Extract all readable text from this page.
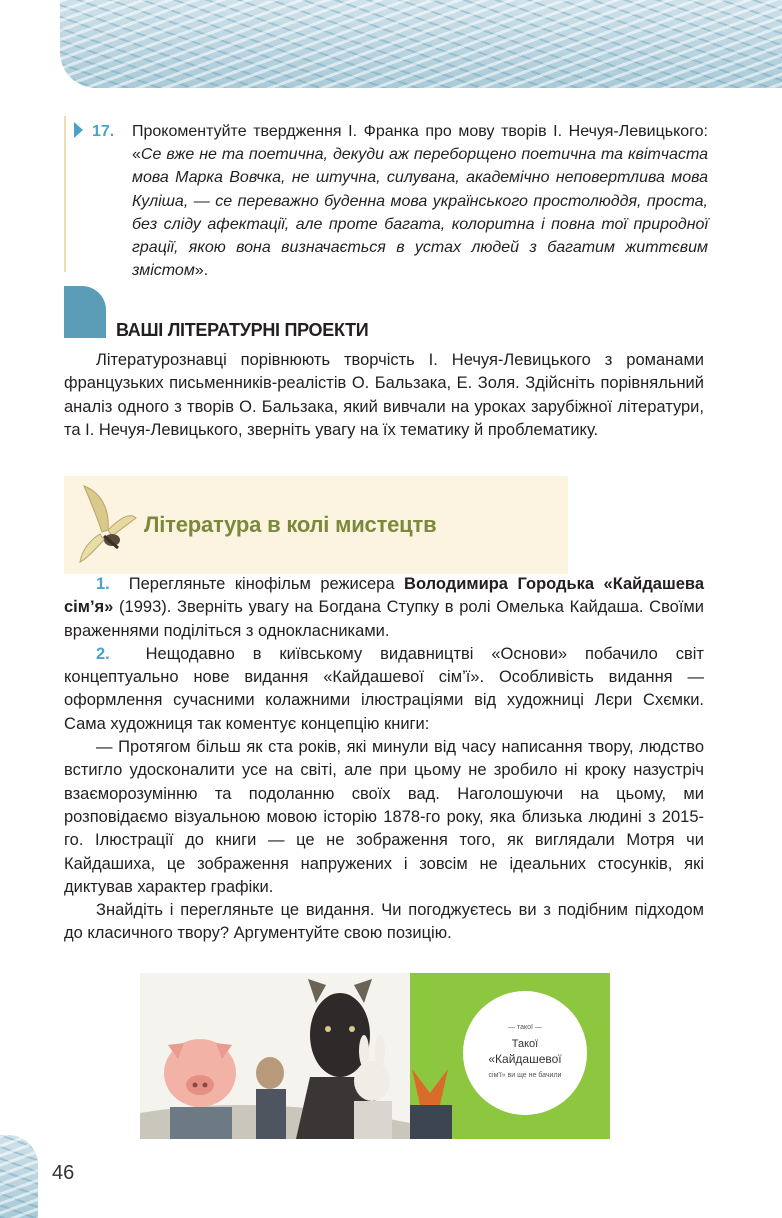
17. Прокоментуйте твердження І. Франка про мову творів І. Нечуя-Левицького: «Се вже не та поетична, декуди аж переборщено поетична та квітчаста мова Марка Вовчка, не штучна, силувана, академічно неповертлива мова Куліша, — се переважно буденна мова українського простолюддя, проста, без сліду афектації, але проте багата, колоритна і повна тої природної грації, якою вона визначається в устах людей з багатим життєвим змістом».
ВАШІ ЛІТЕРАТУРНІ ПРОЕКТИ

Літературознавці порівнюють творчість І. Нечуя-Левицького з романами французьких письменників-реалістів О. Бальзака, Е. Золя. Здійсніть порівняльний аналіз одного з творів О. Бальзака, який вивчали на уроках зарубіжної літератури, та І. Нечуя-Левицького, зверніть увагу на їх тематику й проблематику.

Література в колі мистецтв

1. Перегляньте кінофільм режисера Володимира Городька «Кайдашева сім’я» (1993). Зверніть увагу на Богдана Ступку в ролі Омелька Кайдаша. Своїми враженнями поділіться з однокласниками.

2. Нещодавно в київському видавництві «Основи» побачило світ концептуально нове видання «Кайдашевої сім’ї». Особливість видання — оформлення сучасними колажними ілюстраціями від художниці Лєри Схємки. Сама художниця так коментує концепцію книги:

— Протягом більш як ста років, які минули від часу написання твору, людство встигло удосконалити усе на світі, але при цьому не зробило ні кроку назустріч взаєморозумінню та подоланню своїх вад. Наголошуючи на цьому, ми розповідаємо візуальною мовою історію 1878-го року, яка близька людині з 2015-го. Ілюстрації до книги — це не зображення того, як виглядали Мотря чи Кайдашиха, це зображення напружених і зовсім не ідеальних стосунків, які диктував характер графіки.

Знайдіть і перегляньте це видання. Чи погоджуєтесь ви з подібним підходом до класичного твору? Аргументуйте свою позицію.

— такої —
Такої
«Кайдашевої
сім'ї» ви ще не бачили
46
